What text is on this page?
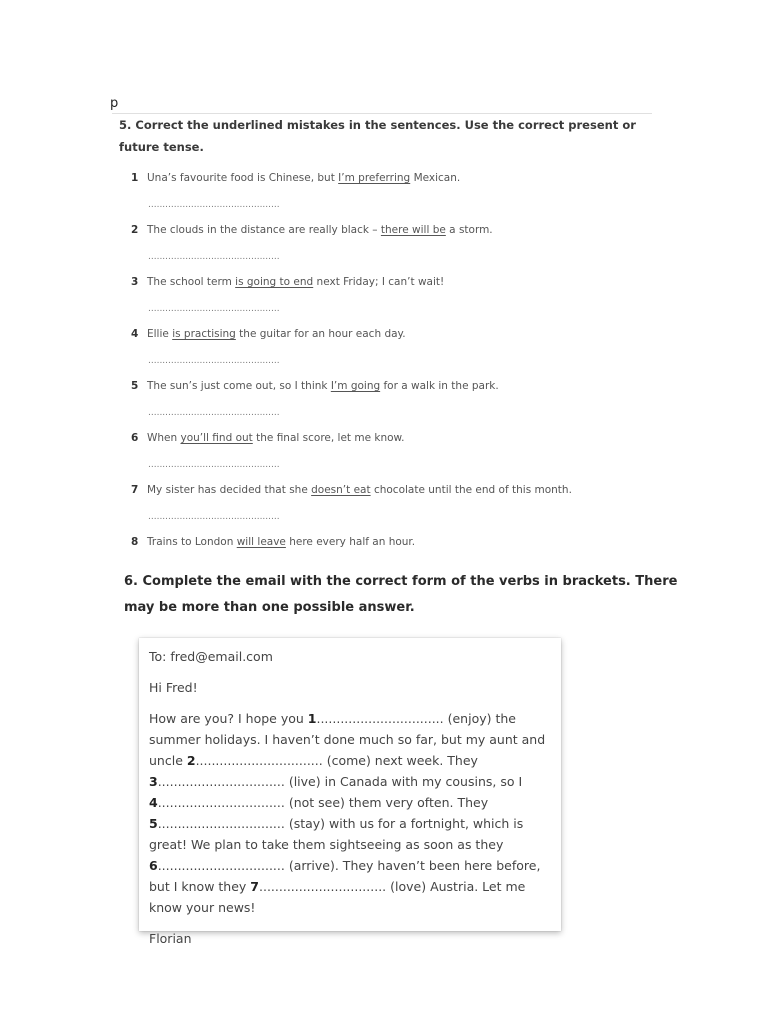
p
5. Correct the underlined mistakes in the sentences. Use the correct present or future tense.
1 Una’s favourite food is Chinese, but I’m preferring Mexican.
..............................................
2 The clouds in the distance are really black – there will be a storm.
..............................................
3 The school term is going to end next Friday; I can’t wait!
..............................................
4 Ellie is practising the guitar for an hour each day.
..............................................
5 The sun’s just come out, so I think I’m going for a walk in the park.
..............................................
6 When you’ll find out the final score, let me know.
..............................................
7 My sister has decided that she doesn’t eat chocolate until the end of this month.
..............................................
8 Trains to London will leave here every half an hour.
6. Complete the email with the correct form of the verbs in brackets. There may be more than one possible answer.

To: fred@email.com

Hi Fred!

How are you? I hope you 1................................ (enjoy) the summer holidays. I haven’t done much so far, but my aunt and uncle 2................................ (come) next week. They 3................................ (live) in Canada with my cousins, so I 4................................ (not see) them very often. They 5................................ (stay) with us for a fortnight, which is great! We plan to take them sightseeing as soon as they 6................................ (arrive). They haven’t been here before, but I know they 7................................ (love) Austria. Let me know your news!

Florian
